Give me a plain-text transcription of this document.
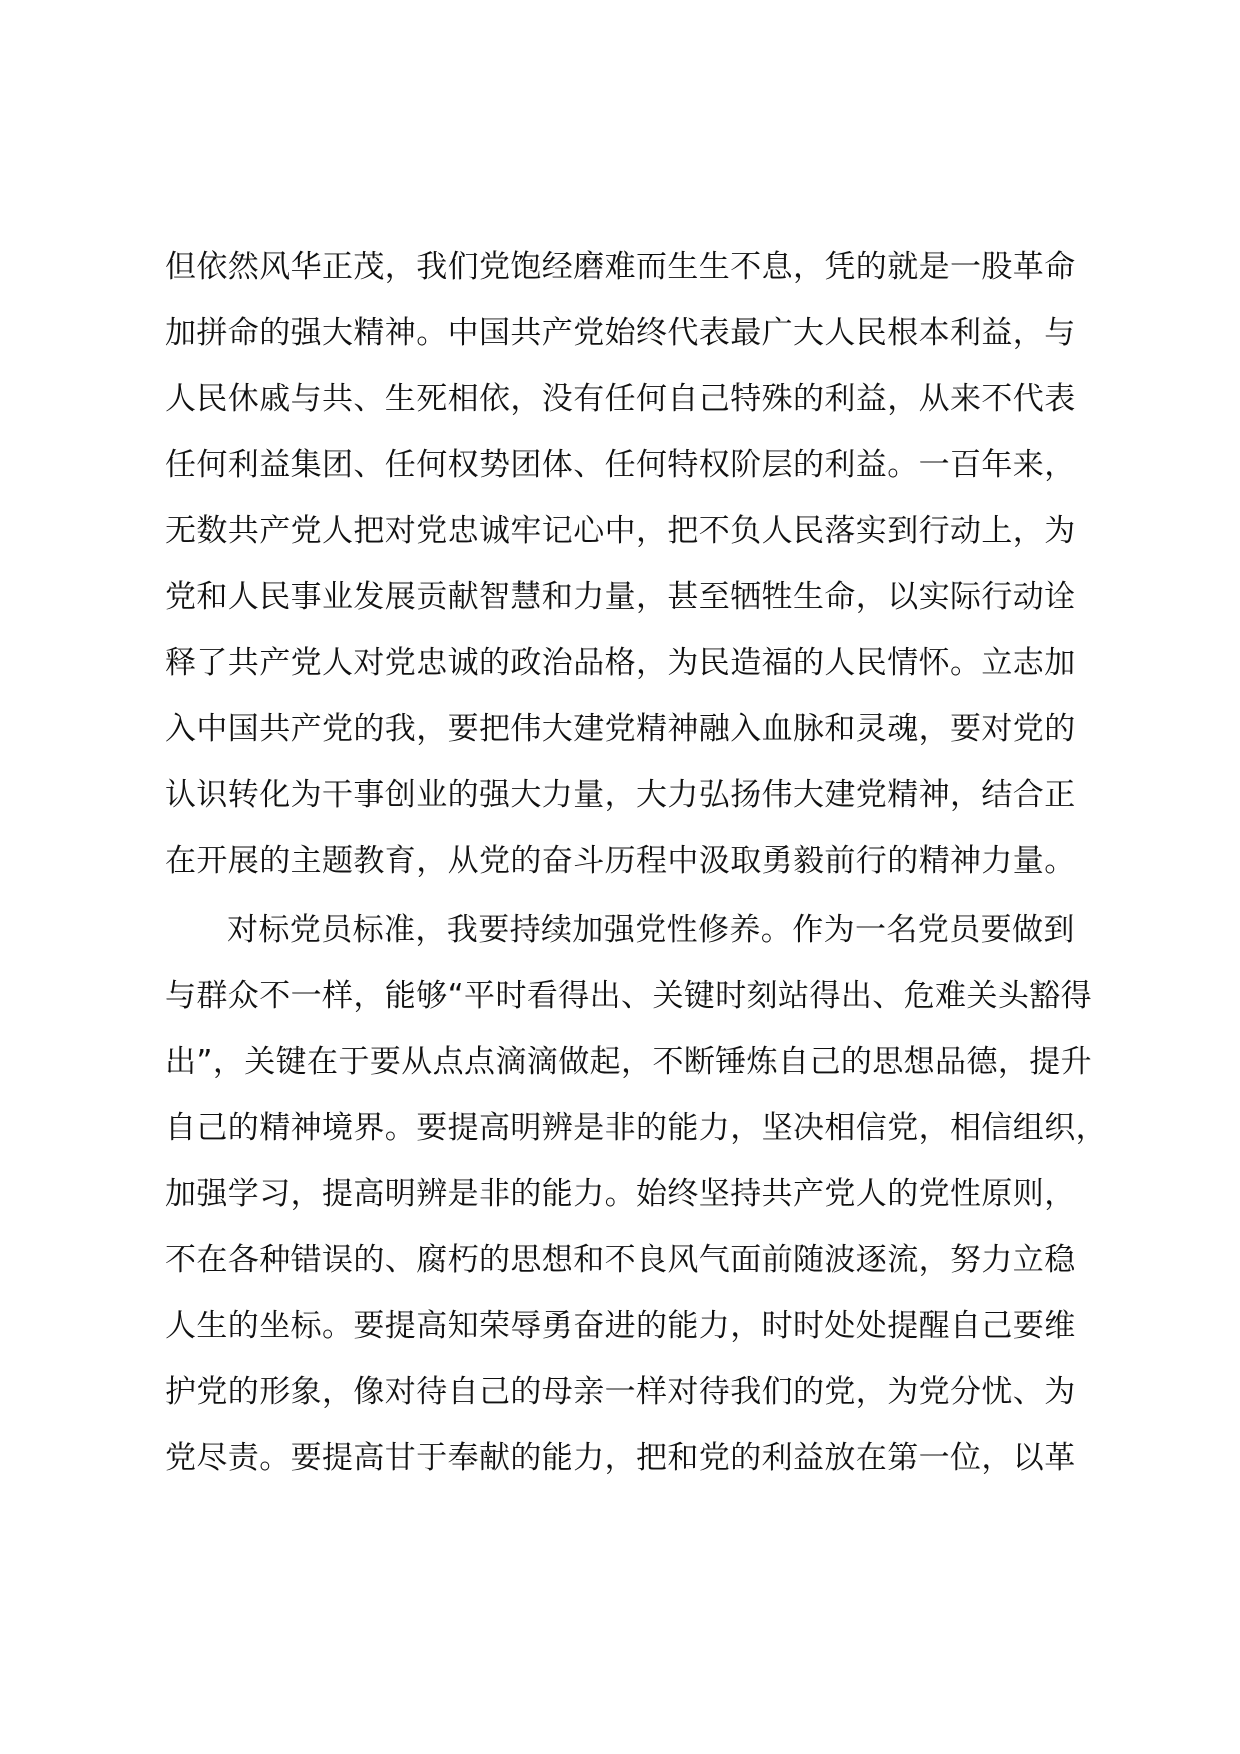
但依然风华正茂，我们党饱经磨难而生生不息，凭的就是一股革命
加拼命的强大精神。中国共产党始终代表最广大人民根本利益，与
人民休戚与共、生死相依，没有任何自己特殊的利益，从来不代表
任何利益集团、任何权势团体、任何特权阶层的利益。一百年来，
无数共产党人把对党忠诚牢记心中，把不负人民落实到行动上，为
党和人民事业发展贡献智慧和力量，甚至牺牲生命，以实际行动诠
释了共产党人对党忠诚的政治品格，为民造福的人民情怀。立志加
入中国共产党的我，要把伟大建党精神融入血脉和灵魂，要对党的
认识转化为干事创业的强大力量，大力弘扬伟大建党精神，结合正
在开展的主题教育，从党的奋斗历程中汲取勇毅前行的精神力量。
对标党员标准，我要持续加强党性修养。作为一名党员要做到
与群众不一样，能够“平时看得出、关键时刻站得出、危难关头豁得
出”，关键在于要从点点滴滴做起，不断锤炼自己的思想品德，提升
自己的精神境界。要提高明辨是非的能力，坚决相信党，相信组织，
加强学习，提高明辨是非的能力。始终坚持共产党人的党性原则，
不在各种错误的、腐朽的思想和不良风气面前随波逐流，努力立稳
人生的坐标。要提高知荣辱勇奋进的能力，时时处处提醒自己要维
护党的形象，像对待自己的母亲一样对待我们的党，为党分忧、为
党尽责。要提高甘于奉献的能力，把和党的利益放在第一位，以革
